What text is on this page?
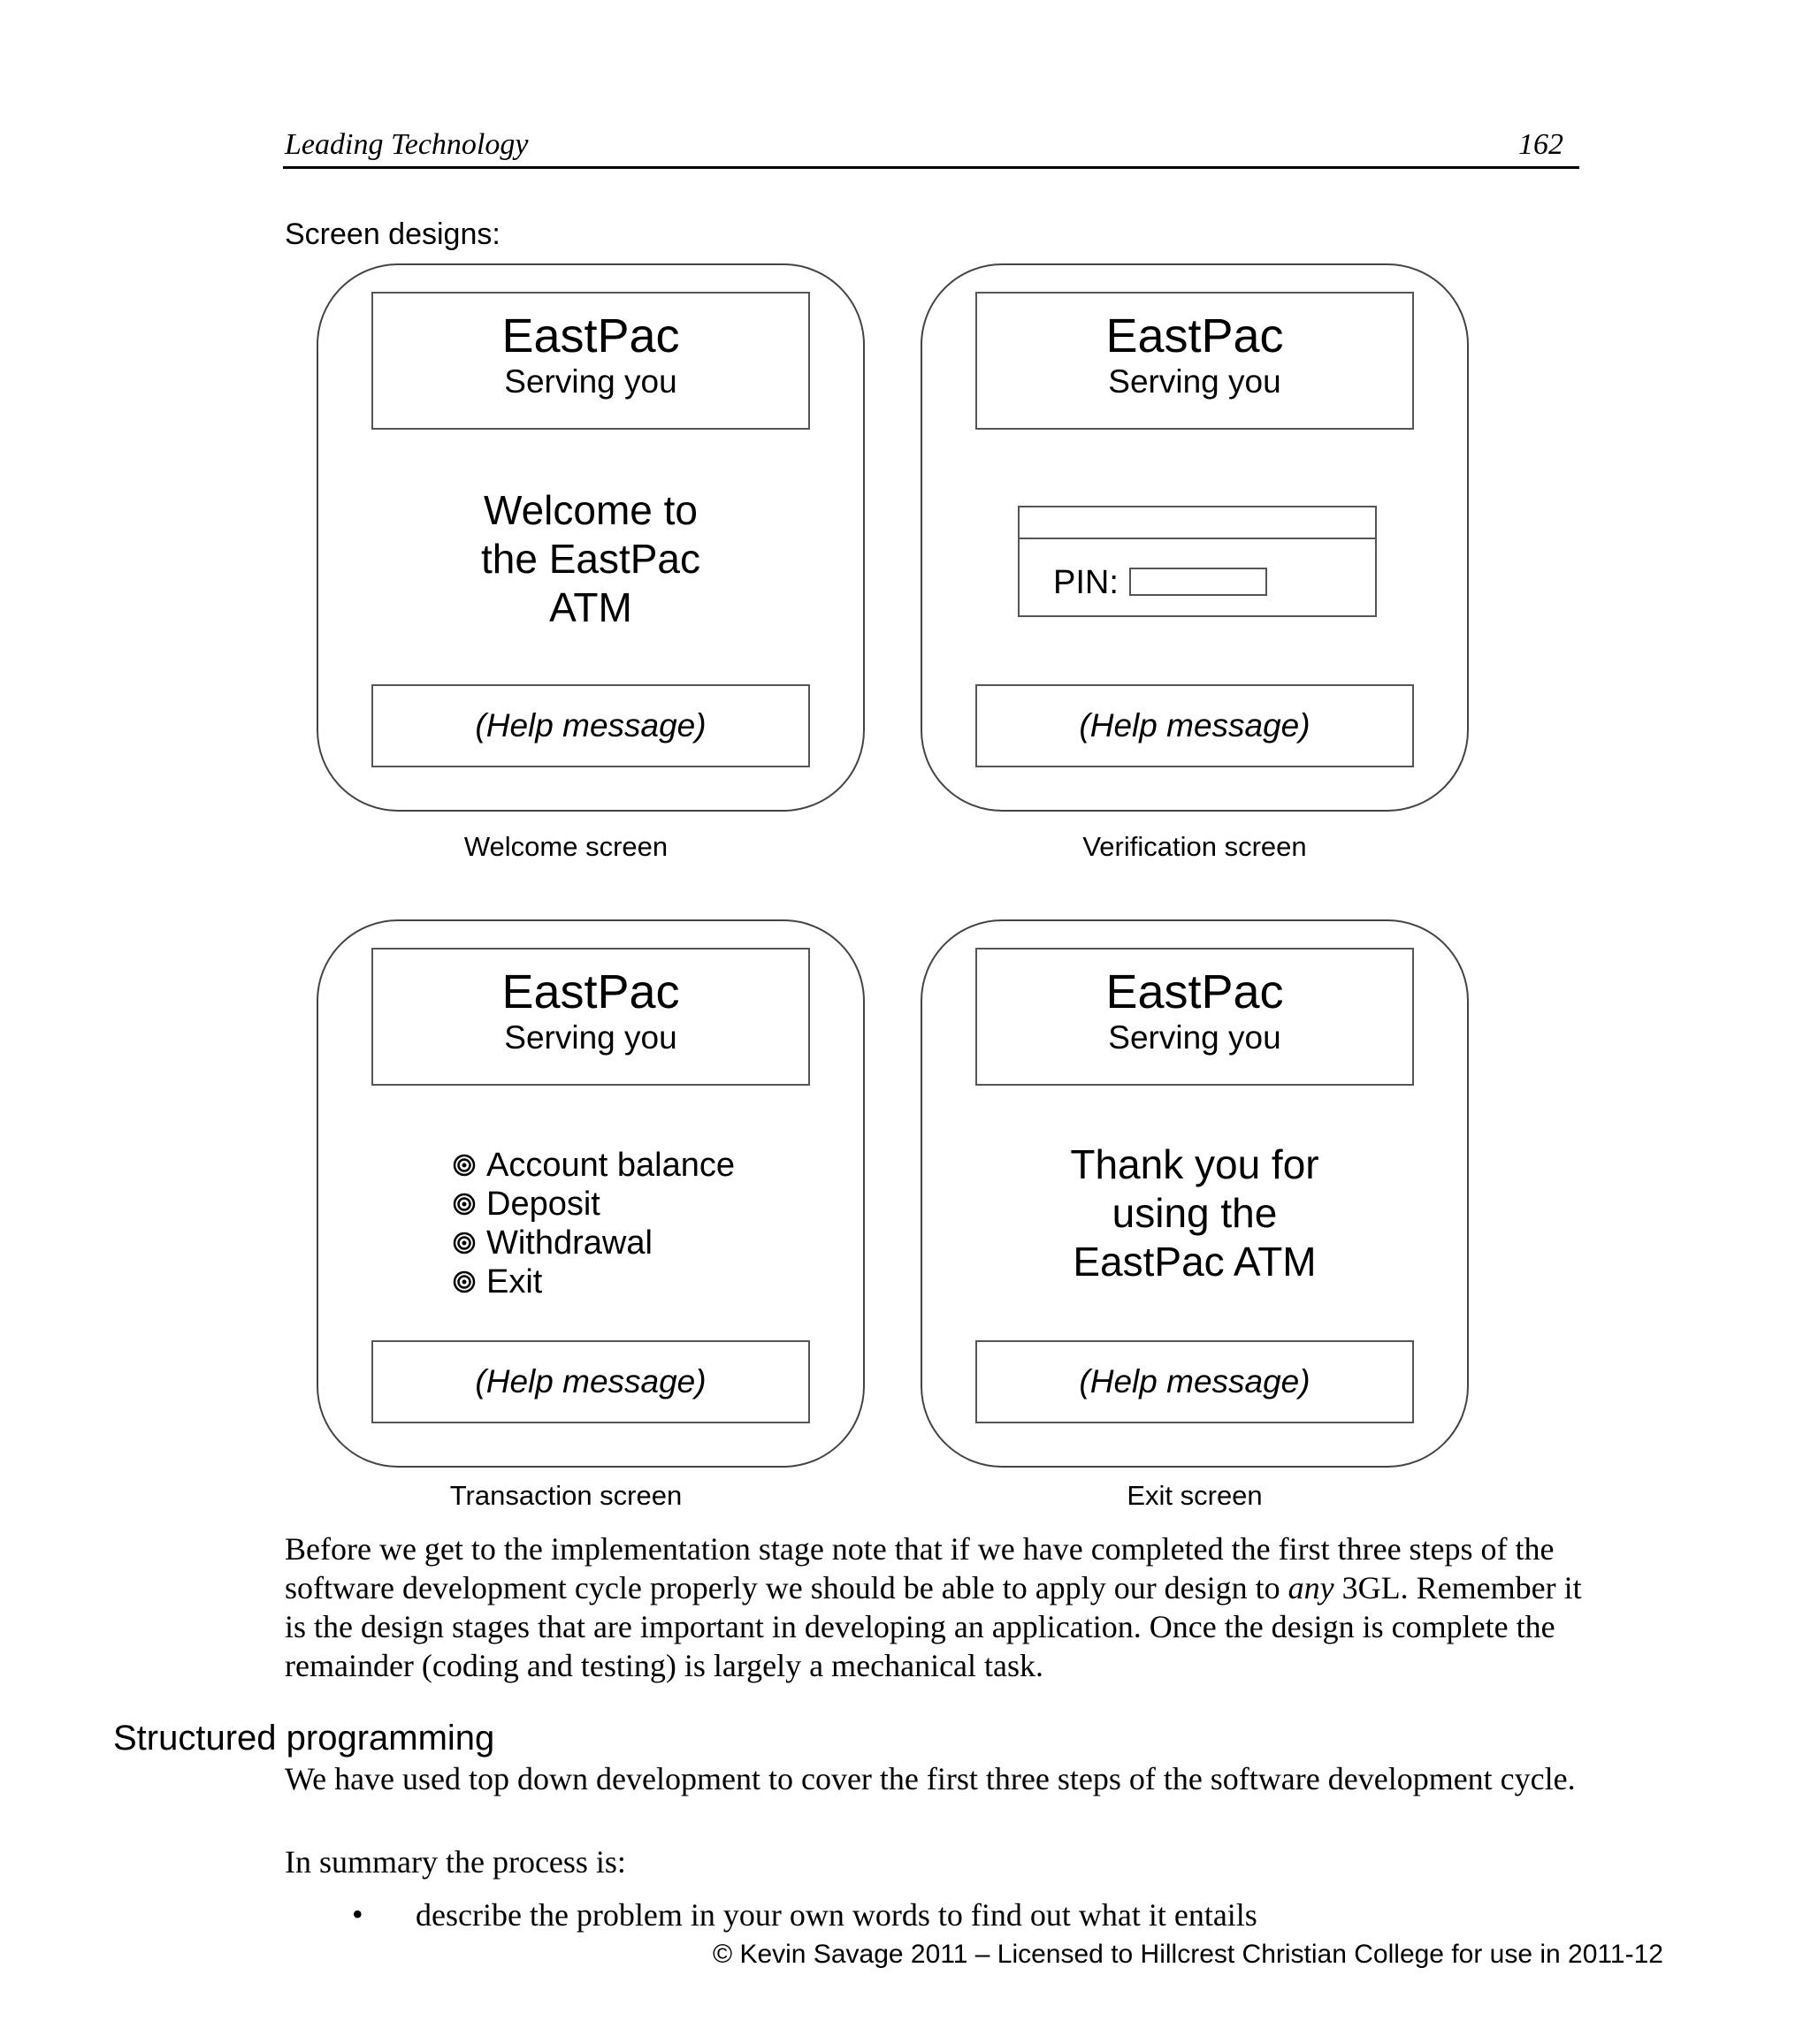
Leading Technology	162
Screen designs:
EastPac
Serving you
Welcome to
the EastPac
ATM
(Help message)
Welcome screen
EastPac
Serving you
PIN:
(Help message)
Verification screen
EastPac
Serving you
Account balance
Deposit
Withdrawal
Exit
(Help message)
Transaction screen
EastPac
Serving you
Thank you for
using the
EastPac ATM
(Help message)
Exit screen
Before we get to the implementation stage note that if we have completed the first three steps of the software development cycle properly we should be able to apply our design to any 3GL. Remember it is the design stages that are important in developing an application. Once the design is complete the remainder (coding and testing) is largely a mechanical task.
Structured programming
We have used top down development to cover the first three steps of the software development cycle.
In summary the process is:
• describe the problem in your own words to find out what it entails
© Kevin Savage 2011 – Licensed to Hillcrest Christian College for use in 2011-12
